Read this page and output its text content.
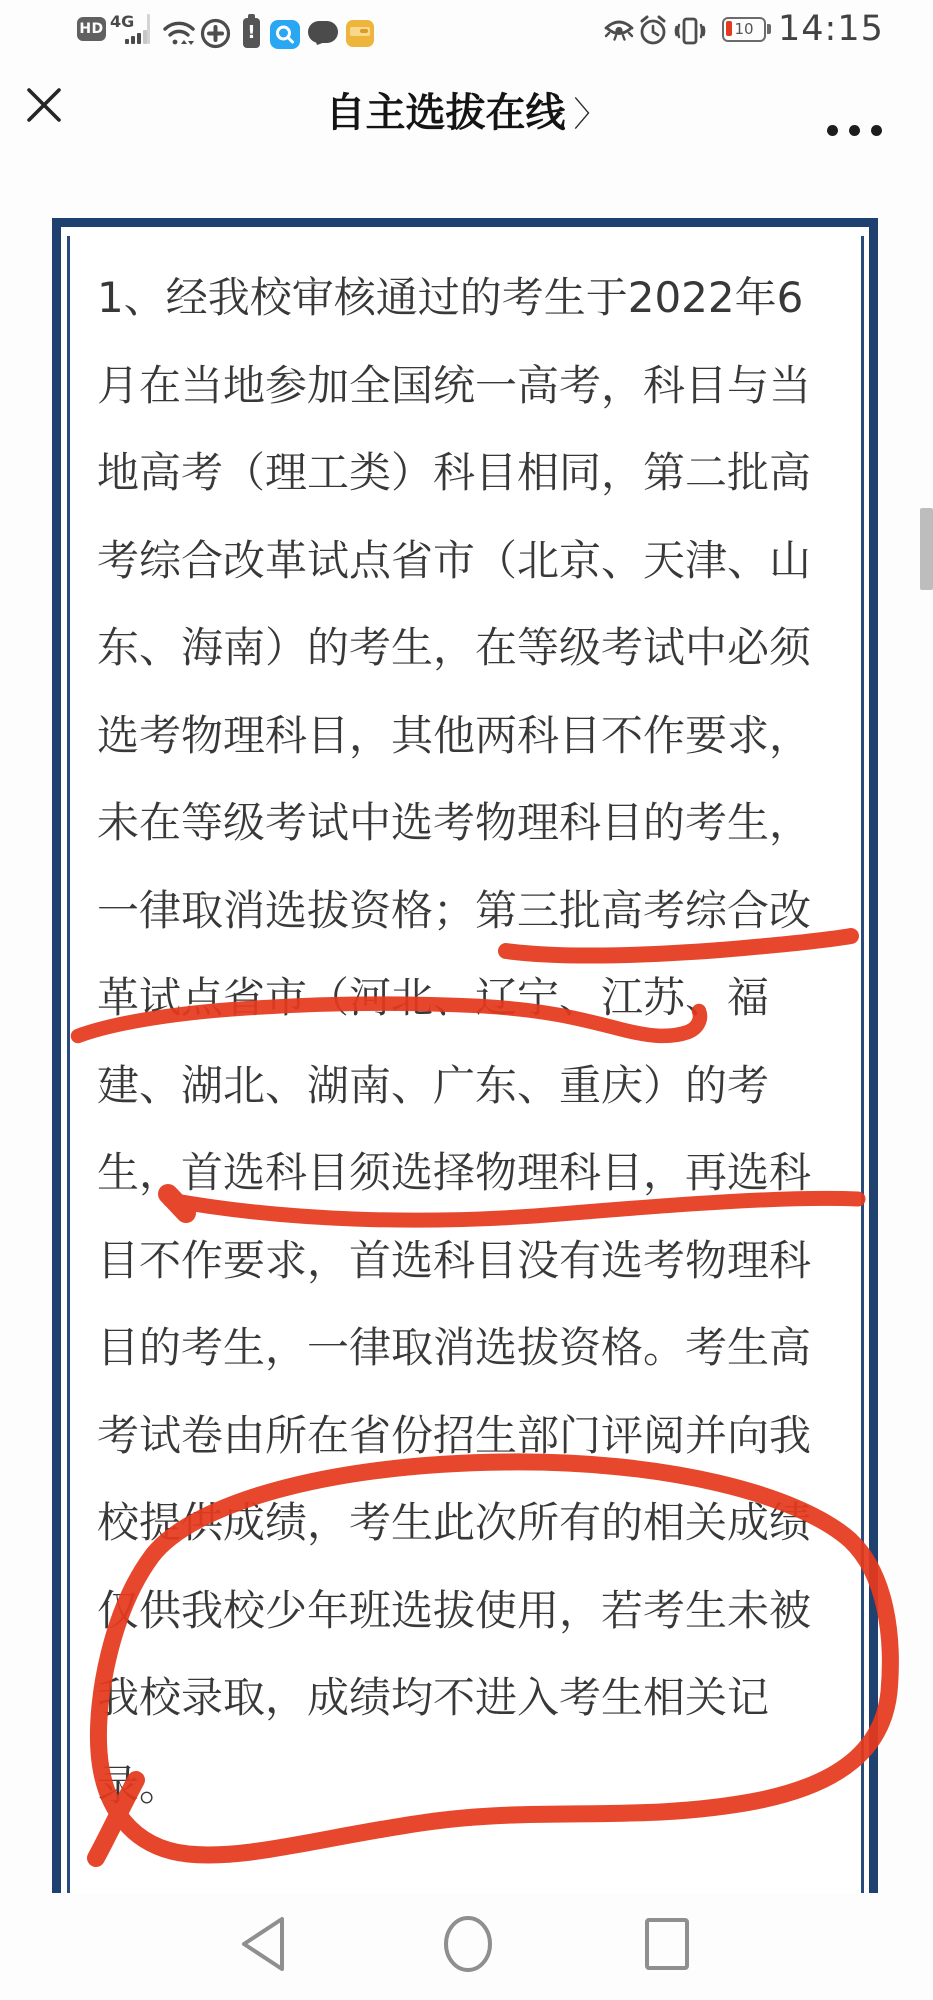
HD 4G
!	10 14:15
自主选拔在线 〉
1、经我校审核通过的考生于2022年6
月在当地参加全国统一高考，科目与当
地高考（理工类）科目相同，第二批高
考综合改革试点省市（北京、天津、山
东、海南）的考生，在等级考试中必须
选考物理科目，其他两科目不作要求，
未在等级考试中选考物理科目的考生，
一律取消选拔资格；第三批高考综合改
革试点省市（河北、辽宁、江苏、福
建、湖北、湖南、广东、重庆）的考
生，首选科目须选择物理科目，再选科
目不作要求，首选科目没有选考物理科
目的考生，一律取消选拔资格。考生高
考试卷由所在省份招生部门评阅并向我
校提供成绩，考生此次所有的相关成绩
仅供我校少年班选拔使用，若考生未被
我校录取，成绩均不进入考生相关记
录。
